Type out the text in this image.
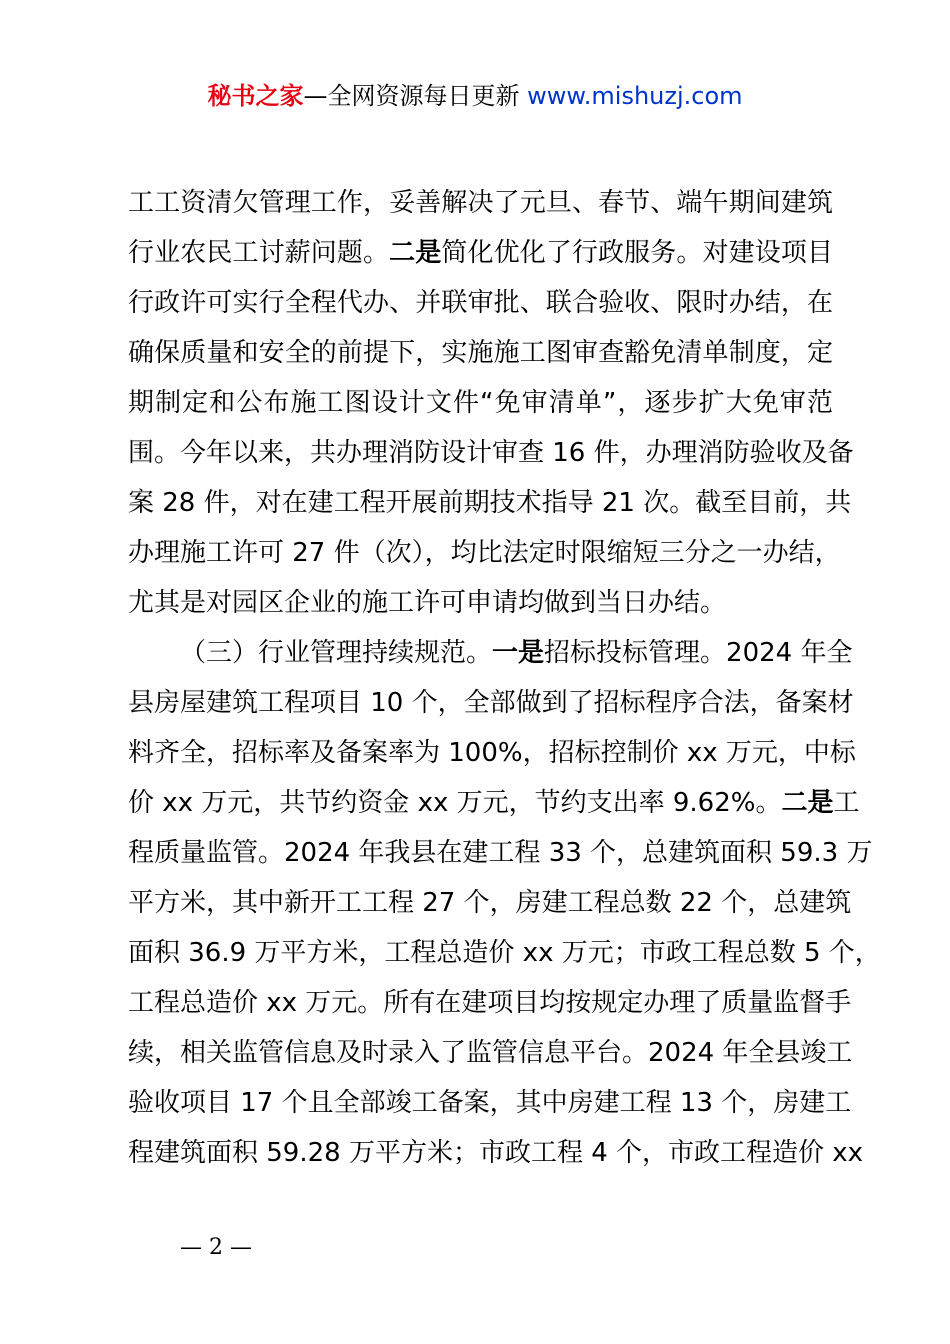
秘书之家—全网资源每日更新 www.mishuzj.com
工工资清欠管理工作，妥善解决了元旦、春节、端午期间建筑
行业农民工讨薪问题。二是简化优化了行政服务。对建设项目
行政许可实行全程代办、并联审批、联合验收、限时办结，在
确保质量和安全的前提下，实施施工图审查豁免清单制度，定
期制定和公布施工图设计文件“免审清单”，逐步扩大免审范
围。今年以来，共办理消防设计审查 16 件，办理消防验收及备
案 28 件，对在建工程开展前期技术指导 21 次。截至目前，共
办理施工许可 27 件（次），均比法定时限缩短三分之一办结，
尤其是对园区企业的施工许可申请均做到当日办结。
（三）行业管理持续规范。一是招标投标管理。2024 年全
县房屋建筑工程项目 10 个，全部做到了招标程序合法，备案材
料齐全，招标率及备案率为 100%，招标控制价 xx 万元，中标
价 xx 万元，共节约资金 xx 万元，节约支出率 9.62%。二是工
程质量监管。2024 年我县在建工程 33 个，总建筑面积 59.3 万
平方米，其中新开工工程 27 个，房建工程总数 22 个，总建筑
面积 36.9 万平方米，工程总造价 xx 万元；市政工程总数 5 个，
工程总造价 xx 万元。所有在建项目均按规定办理了质量监督手
续，相关监管信息及时录入了监管信息平台。2024 年全县竣工
验收项目 17 个且全部竣工备案，其中房建工程 13 个，房建工
程建筑面积 59.28 万平方米；市政工程 4 个，市政工程造价 xx
— 2 —
